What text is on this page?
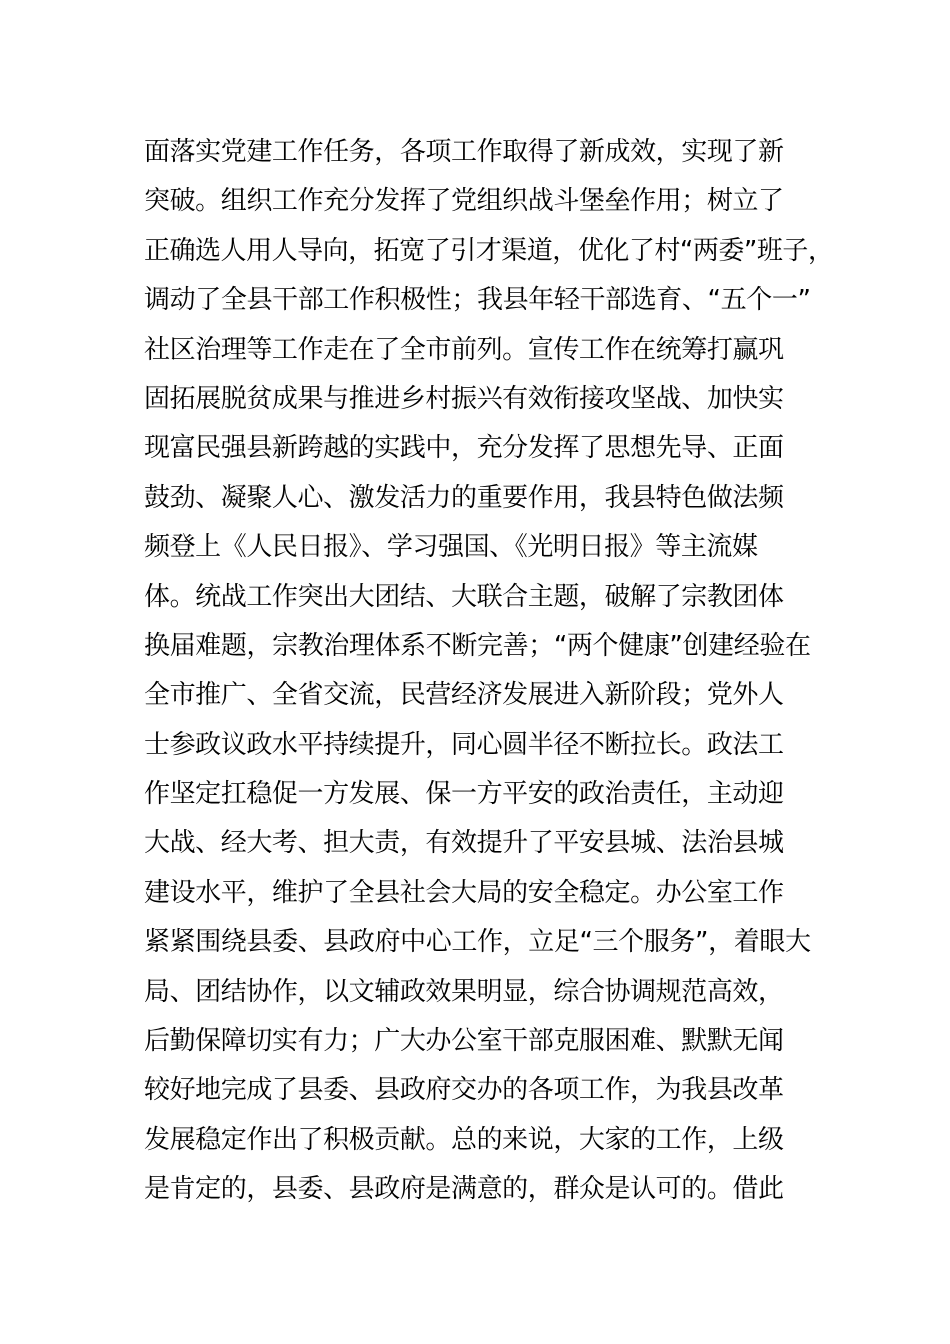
面落实党建工作任务，各项工作取得了新成效，实现了新
突破。组织工作充分发挥了党组织战斗堡垒作用；树立了
正确选人用人导向，拓宽了引才渠道，优化了村“两委”班子，
调动了全县干部工作积极性；我县年轻干部选育、“五个一”
社区治理等工作走在了全市前列。宣传工作在统筹打赢巩
固拓展脱贫成果与推进乡村振兴有效衔接攻坚战、加快实
现富民强县新跨越的实践中，充分发挥了思想先导、正面
鼓劲、凝聚人心、激发活力的重要作用，我县特色做法频
频登上《人民日报》、学习强国、《光明日报》等主流媒
体。统战工作突出大团结、大联合主题，破解了宗教团体
换届难题，宗教治理体系不断完善；“两个健康”创建经验在
全市推广、全省交流，民营经济发展进入新阶段；党外人
士参政议政水平持续提升，同心圆半径不断拉长。政法工
作坚定扛稳促一方发展、保一方平安的政治责任，主动迎
大战、经大考、担大责，有效提升了平安县城、法治县城
建设水平，维护了全县社会大局的安全稳定。办公室工作
紧紧围绕县委、县政府中心工作，立足“三个服务”，着眼大
局、团结协作，以文辅政效果明显，综合协调规范高效，
后勤保障切实有力；广大办公室干部克服困难、默默无闻
较好地完成了县委、县政府交办的各项工作，为我县改革
发展稳定作出了积极贡献。总的来说，大家的工作，上级
是肯定的，县委、县政府是满意的，群众是认可的。借此
